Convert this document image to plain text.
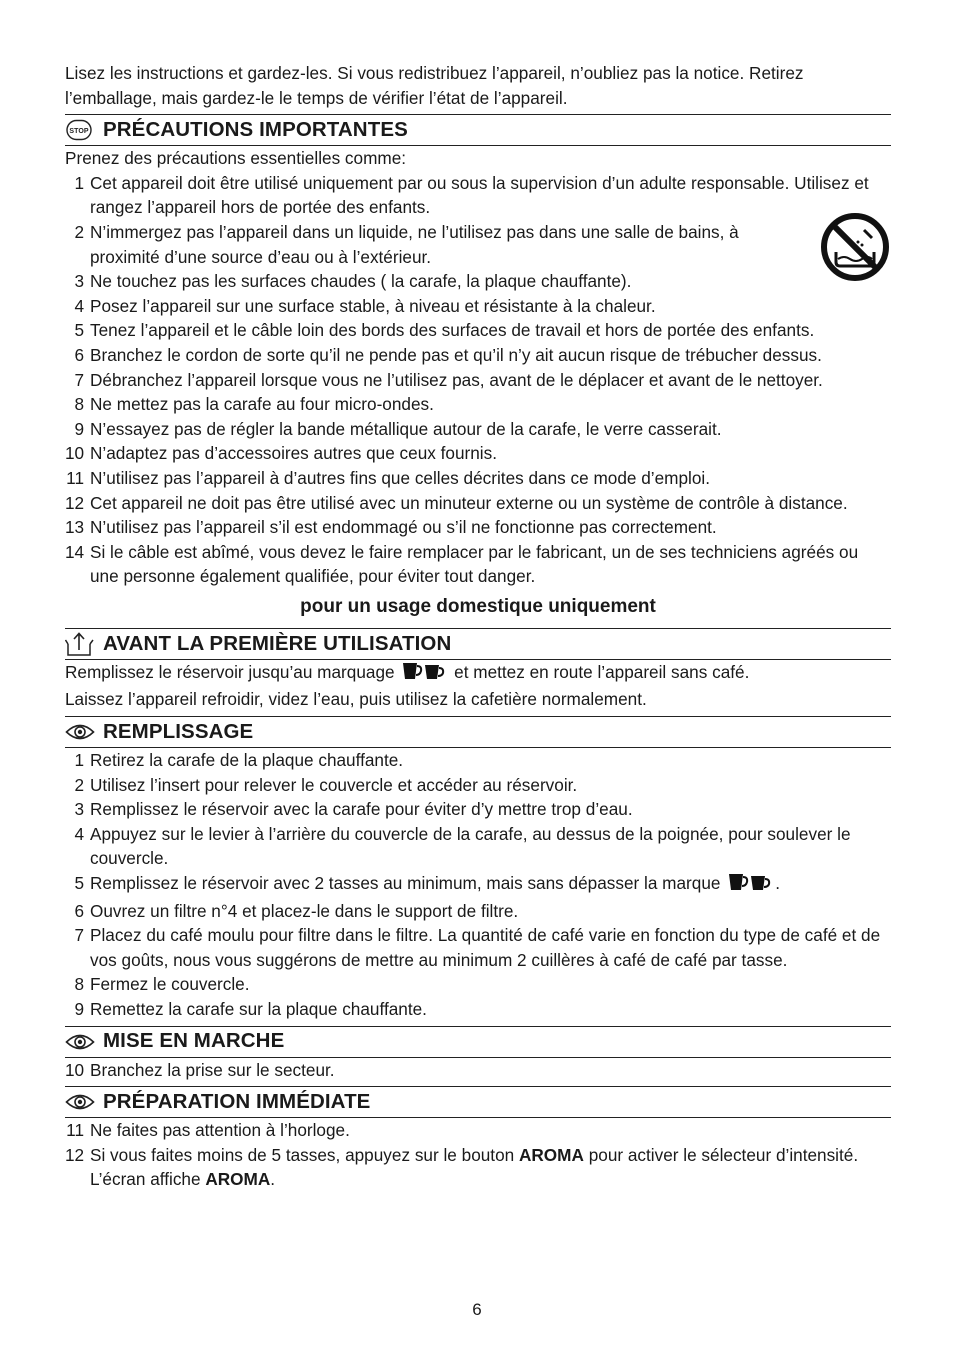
Lisez les instructions et gardez-les. Si vous redistribuez l’appareil, n’oubliez pas la notice. Retirez l’emballage, mais gardez-le le temps de vérifier l’état de l’appareil.

STOP PRÉCAUTIONS IMPORTANTES

Prenez des précautions essentielles comme:

1 Cet appareil doit être utilisé uniquement par ou sous la supervision d’un adulte responsable. Utilisez et rangez l’appareil hors de portée des enfants.
2 N’immergez pas l’appareil dans un liquide, ne l’utilisez pas dans une salle de bains, à proximité d’une source d’eau ou à l’extérieur.
3 Ne touchez pas les surfaces chaudes ( la carafe, la plaque chauffante).
4 Posez l’appareil sur une surface stable, à niveau et résistante à la chaleur.
5 Tenez l’appareil et le câble loin des bords des surfaces de travail et hors de portée des enfants.
6 Branchez le cordon de sorte qu’il ne pende pas et qu’il n’y ait aucun risque de trébucher dessus.
7 Débranchez l’appareil lorsque vous ne l’utilisez pas, avant de le déplacer et avant de le nettoyer.
8 Ne mettez pas la carafe au four micro-ondes.
9 N’essayez pas de régler la bande métallique autour de la carafe, le verre casserait.
10 N’adaptez pas d’accessoires autres que ceux fournis.
11 N’utilisez pas l’appareil à d’autres fins que celles décrites dans ce mode d’emploi.
12 Cet appareil ne doit pas être utilisé avec un minuteur externe ou un système de contrôle à distance.
13 N’utilisez pas l’appareil s’il est endommagé ou s’il ne fonctionne pas correctement.
14 Si le câble est abîmé, vous devez le faire remplacer par le fabricant, un de ses techniciens agréés ou une personne également qualifiée, pour éviter tout danger.
pour un usage domestique uniquement
AVANT LA PREMIÈRE UTILISATION

Remplissez le réservoir jusqu’au marquage	et mettez en route l’appareil sans café.

Laissez l’appareil refroidir, videz l’eau, puis utilisez la cafetière normalement.

REMPLISSAGE
1 Retirez la carafe de la plaque chauffante.
2 Utilisez l’insert pour relever le couvercle et accéder au réservoir.
3 Remplissez le réservoir avec la carafe pour éviter d’y mettre trop d’eau.
4 Appuyez sur le levier à l’arrière du couvercle de la carafe, au dessus de la poignée, pour soulever le couvercle.
5 Remplissez le réservoir avec 2 tasses au minimum, mais sans dépasser la marque	.
6 Ouvrez un filtre n°4 et placez-le dans le support de filtre.
7 Placez du café moulu pour filtre dans le filtre. La quantité de café varie en fonction du type de café et de vos goûts, nous vous suggérons de mettre au minimum 2 cuillères à café de café par tasse.
8 Fermez le couvercle.
9 Remettez la carafe sur la plaque chauffante.
MISE EN MARCHE
10 Branchez la prise sur le secteur.
PRÉPARATION IMMÉDIATE
11 Ne faites pas attention à l’horloge.
12 Si vous faites moins de 5 tasses, appuyez sur le bouton AROMA pour activer le sélecteur d’intensité. L’écran affiche AROMA.
6
